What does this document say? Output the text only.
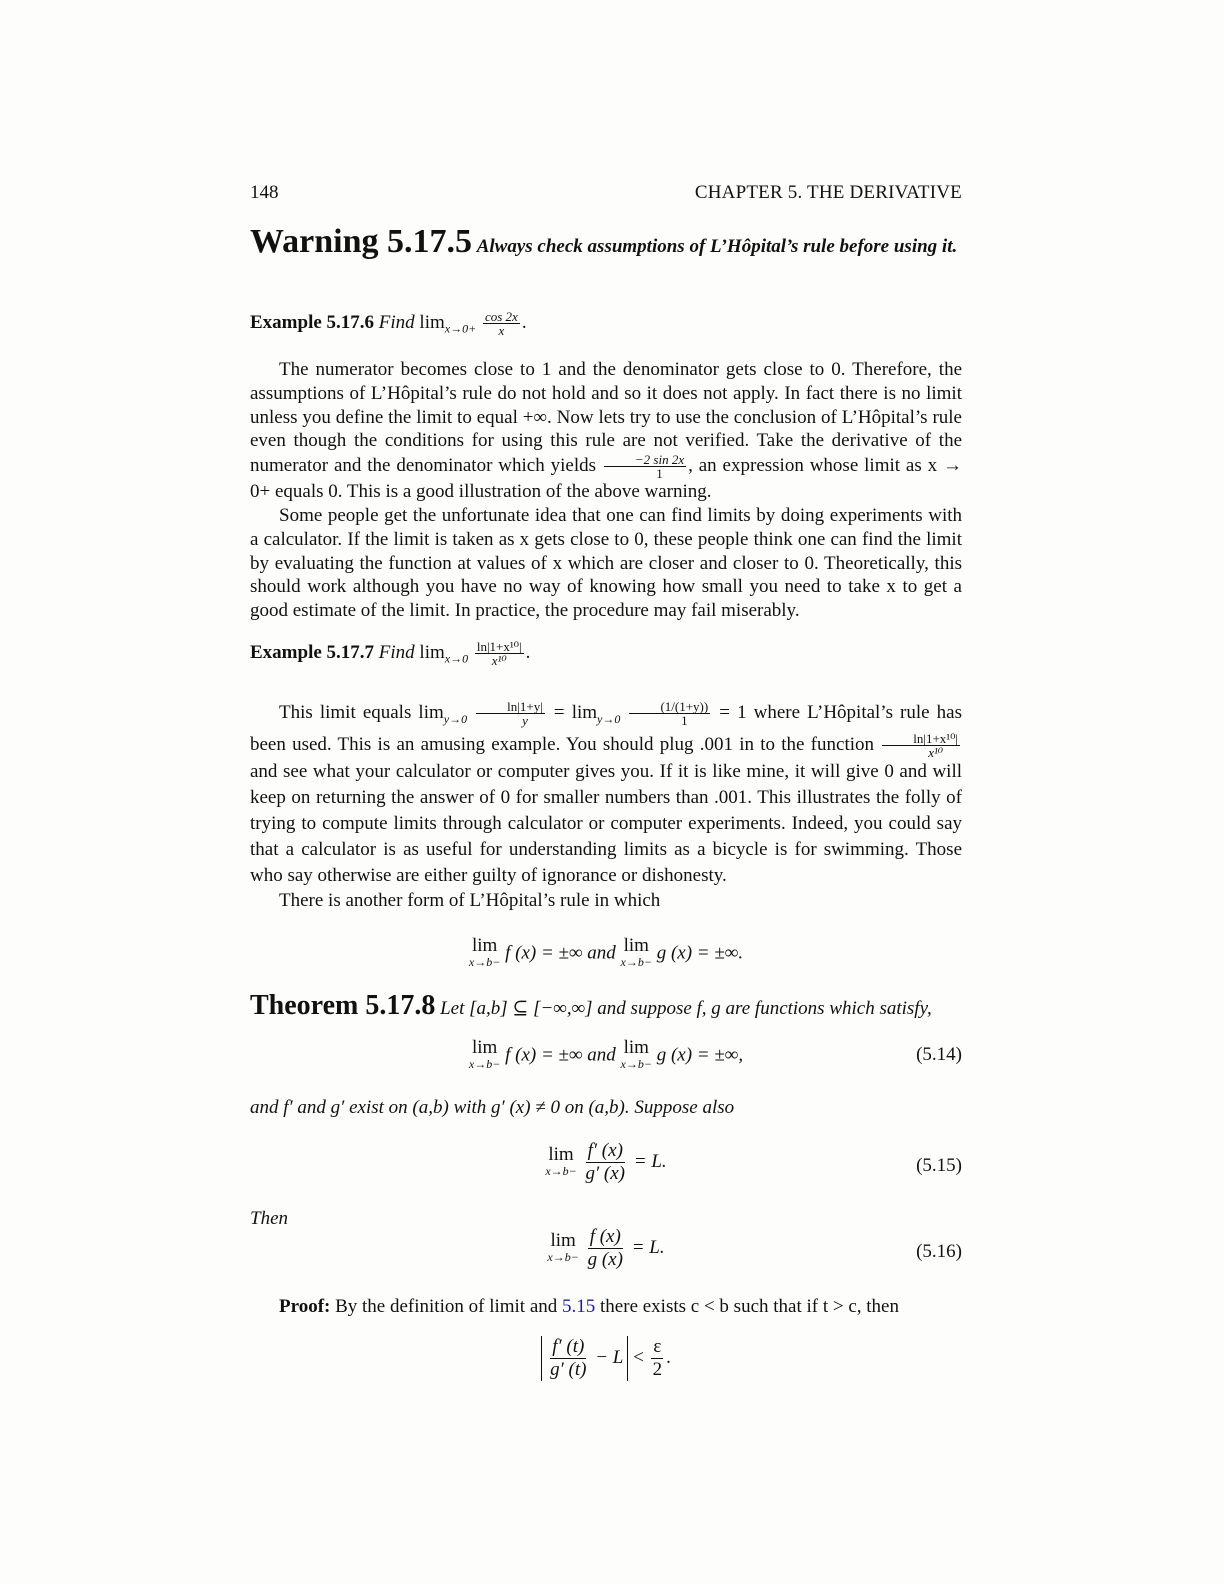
148	CHAPTER 5. THE DERIVATIVE
Warning 5.17.5 Always check assumptions of L’Hôpital’s rule before using it.
Example 5.17.6 Find $\lim_{x\to 0+} \frac{\cos 2x}{x}$ .

The numerator becomes close to 1 and the denominator gets close to 0. Therefore, the assumptions of L’Hôpital’s rule do not hold and so it does not apply. In fact there is no limit unless you define the limit to equal +∞. Now lets try to use the conclusion of L’Hôpital’s rule even though the conditions for using this rule are not verified. Take the derivative of the numerator and the denominator which yields $\frac{-2 \sin 2x}{1}$ , an expression whose limit as x → 0+ equals 0. This is a good illustration of the above warning.

Some people get the unfortunate idea that one can find limits by doing experiments with a calculator. If the limit is taken as x gets close to 0, these people think one can find the limit by evaluating the function at values of x which are closer and closer to 0. Theoretically, this should work although you have no way of knowing how small you need to take x to get a good estimate of the limit. In practice, the procedure may fail miserably.

Example 5.17.7 Find $\lim_{x\to 0} \frac{\text{ln|1+x¹⁰|}}{\text{x¹⁰}}$ .

This limit equals $\lim_{y\to 0} \frac{\ln|1+y|}{y} = \lim_{y\to 0} \frac{(1/(1+y))}{1} = 1$ where L’Hôpital’s rule has been used. This is an amusing example. You should plug .001 in to the function $\frac{\text{ln|1+x¹⁰|}}{\text{x¹⁰}}$
and see what your calculator or computer gives you. If it is like mine, it will give 0 and will keep on returning the answer of 0 for smaller numbers than .001. This illustrates the folly of trying to compute limits through calculator or computer experiments. Indeed, you could say that a calculator is as useful for understanding limits as a bicycle is for swimming. Those who say otherwise are either guilty of ignorance or dishonesty.

There is another form of L’Hôpital’s rule in which

lim
x→b− f (x) = ±∞ and lim
x→b− g (x) = ±∞.
Theorem 5.17.8 Let [a,b] ⊆ [−∞,∞] and suppose f, g are functions which satisfy,
lim
x→b− f (x) = ±∞ and lim
x→b− g (x) = ±∞,	(5.14)
and f′ and g′ exist on (a,b) with g′ (x) ≠ 0 on (a,b). Suppose also
lim
x→b−
$\frac{f' (x)}{g' (x)} = L$.	(5.15)
Then
lim
x→b−
$\frac{f (x)}{g (x)} = L$.	(5.16)
Proof: By the definition of limit and 5.15 there exists c < b such that if t > c, then
$\frac{f' (t)}{g' (t)} - L < \frac{\varepsilon}{2}$ .
